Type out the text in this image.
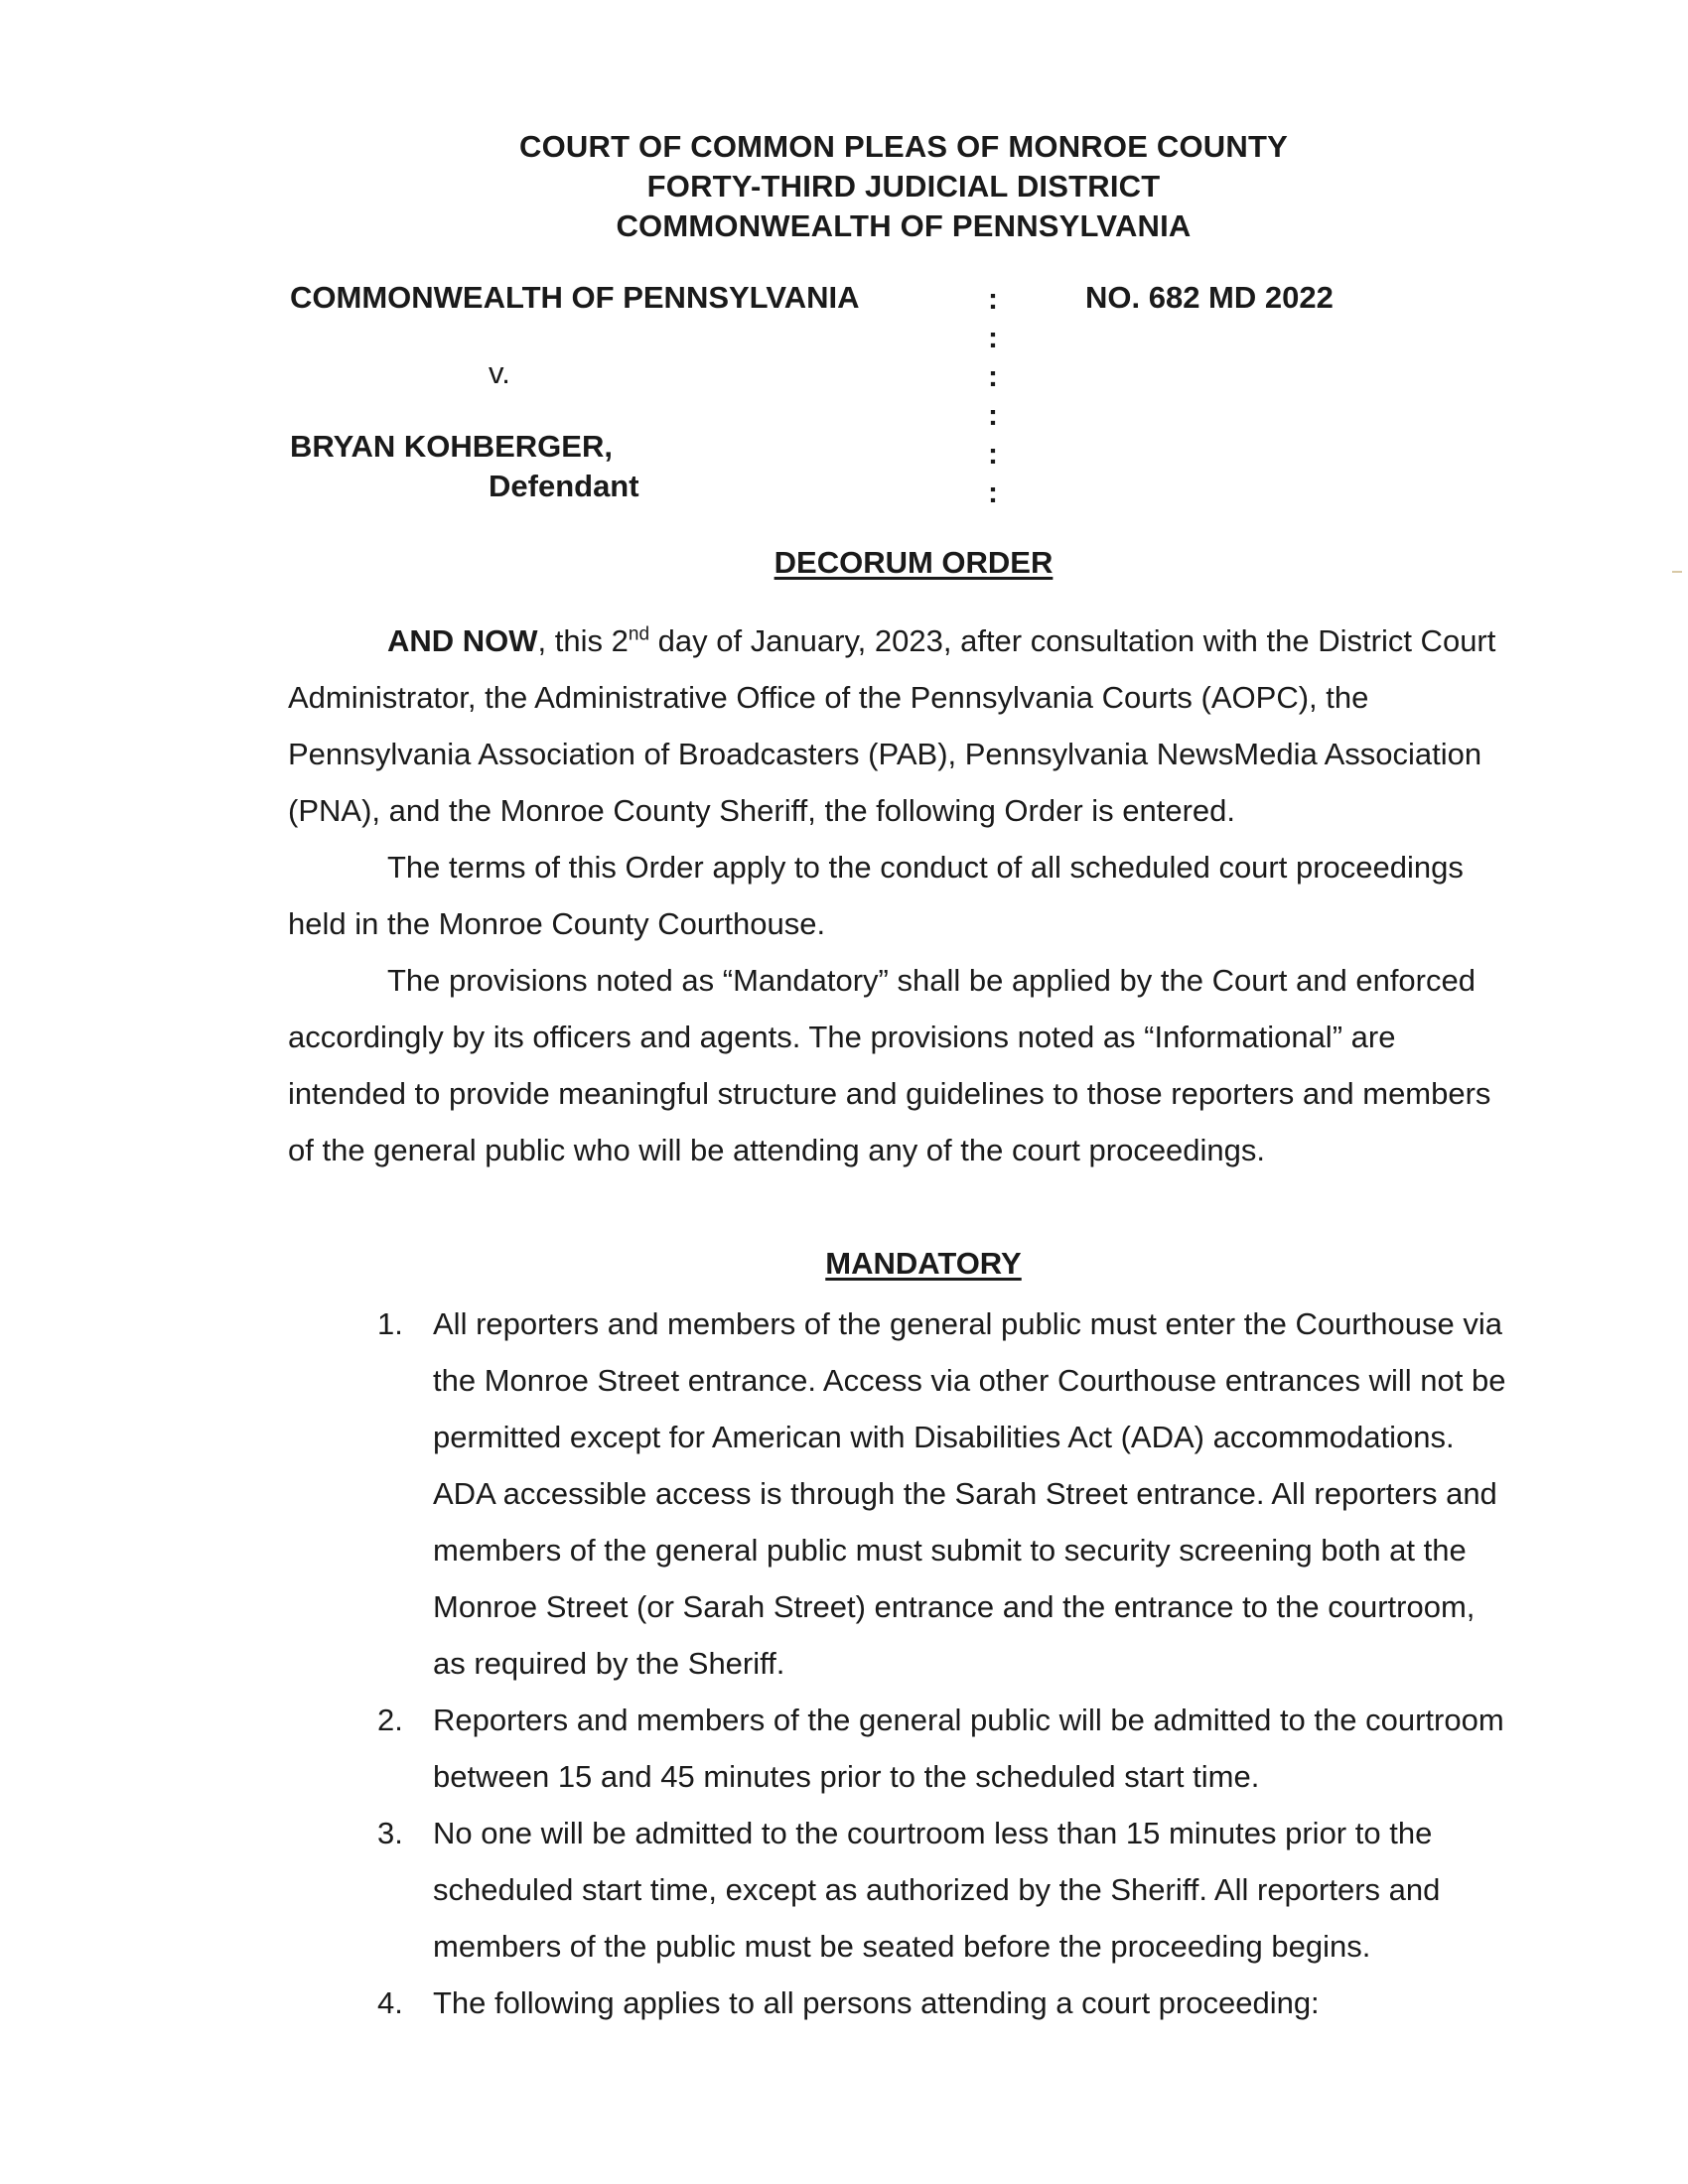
COURT OF COMMON PLEAS OF MONROE COUNTY
FORTY-THIRD JUDICIAL DISTRICT
COMMONWEALTH OF PENNSYLVANIA
COMMONWEALTH OF PENNSYLVANIA
v.
BRYAN KOHBERGER,
Defendant
:
:
:
:
:
:
NO. 682 MD 2022
DECORUM ORDER

AND NOW, this 2nd day of January, 2023, after consultation with the District Court Administrator, the Administrative Office of the Pennsylvania Courts (AOPC), the Pennsylvania Association of Broadcasters (PAB), Pennsylvania NewsMedia Association (PNA), and the Monroe County Sheriff, the following Order is entered.

The terms of this Order apply to the conduct of all scheduled court proceedings held in the Monroe County Courthouse.

The provisions noted as “Mandatory” shall be applied by the Court and enforced accordingly by its officers and agents. The provisions noted as “Informational” are intended to provide meaningful structure and guidelines to those reporters and members of the general public who will be attending any of the court proceedings.

MANDATORY
1. All reporters and members of the general public must enter the Courthouse via the Monroe Street entrance. Access via other Courthouse entrances will not be permitted except for American with Disabilities Act (ADA) accommodations. ADA accessible access is through the Sarah Street entrance. All reporters and members of the general public must submit to security screening both at the Monroe Street (or Sarah Street) entrance and the entrance to the courtroom, as required by the Sheriff.
2. Reporters and members of the general public will be admitted to the courtroom between 15 and 45 minutes prior to the scheduled start time.
3. No one will be admitted to the courtroom less than 15 minutes prior to the scheduled start time, except as authorized by the Sheriff. All reporters and members of the public must be seated before the proceeding begins.
4. The following applies to all persons attending a court proceeding:
